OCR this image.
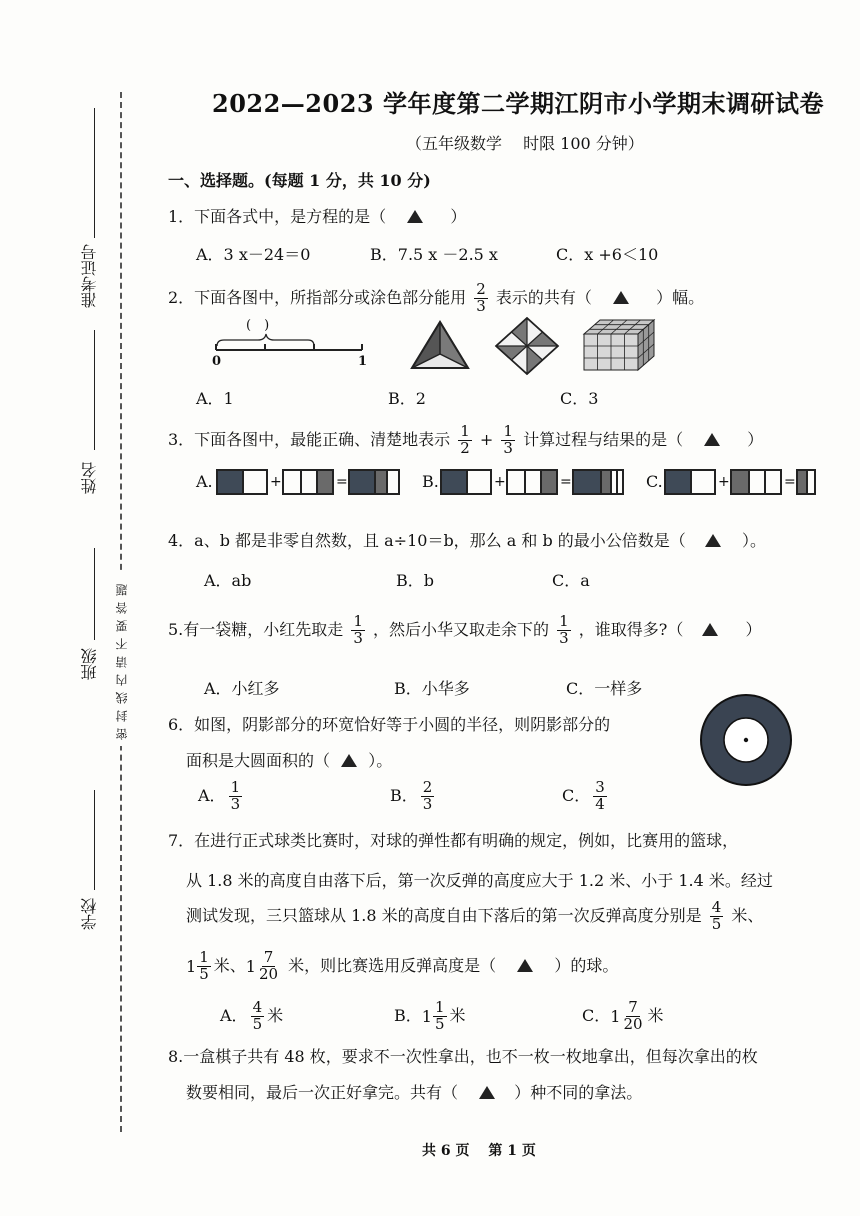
准考证号
姓名
班级 密封线内请不要答题
学校
2022—2023 学年度第二学期江阴市小学期末调研试卷
（五年级数学　 时限 100 分钟）
一、选择题。(每题 1 分，共 10 分)
1．下面各式中，是方程的是（	）
A．3 x－24＝0	B．7.5 x －2.5 x	C．x +6＜10
2．下面各图中，所指部分或涂色部分能用 $\frac{2}{3}$ 表示的共有（	）幅。
(　)
0	1
A．1	B．2	C．3
3．下面各图中，最能正确、清楚地表示 $\frac{1}{2} + \frac{1}{3}$ 计算过程与结果的是（	）
A.	+	=	B.	+	=	C.	+	=
4．a、b 都是非零自然数，且 a÷10＝b，那么 a 和 b 的最小公倍数是（	）。
A．ab	B．b	C．a
5.有一袋糖，小红先取走 $\frac{1}{3}$ ，然后小华又取走余下的 $\frac{1}{3}$ ，谁取得多?（	）
A．小红多	B．小华多	C．一样多
6．如图，阴影部分的环宽恰好等于小圆的半径，则阴影部分的
面积是大圆面积的（ ）。
A． $\frac{1}{3}$	B． $\frac{2}{3}$	C． $\frac{3}{4}$
7．在进行正式球类比赛时，对球的弹性都有明确的规定，例如，比赛用的篮球，
从 1.8 米的高度自由落下后，第一次反弹的高度应大于 1.2 米、小于 1.4 米。经过
测试发现，三只篮球从 1.8 米的高度自由下落后的第一次反弹高度分别是 $\frac{4}{5}$ 米、
$1 \frac{1}{5}$ 米、 $1 \frac{7}{20}$ 米，则比赛选用反弹高度是（	）的球。
A． $\frac{4}{5}$ 米	B． $1 \frac{1}{5}$ 米	C． $1 \frac{7}{20}$ 米
8.一盒棋子共有 48 枚，要求不一次性拿出，也不一枚一枚地拿出，但每次拿出的枚
数要相同，最后一次正好拿完。共有（	）种不同的拿法。
共 6 页　 第 1 页
